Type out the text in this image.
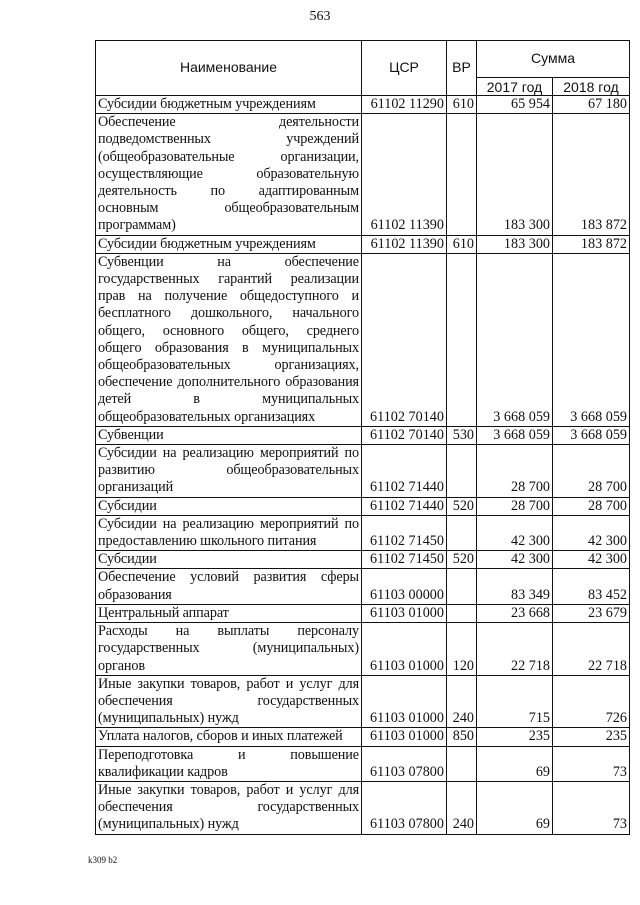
563
Наименование	ЦСР	ВР	Сумма	
			2017 год	2018 год
Субсидии бюджетным учреждениям	61102 11290	610	65 954	67 180
Обеспечение деятельности подведомственных учреждений (общеобразовательные организации, осуществляющие образовательную деятельность по адаптированным основным общеобразовательным программам)	61102 11390		183 300	183 872
Субсидии бюджетным учреждениям	61102 11390	610	183 300	183 872
Субвенции на обеспечение государственных гарантий реализации прав на получение общедоступного и бесплатного дошкольного, начального общего, основного общего, среднего общего образования в муниципальных общеобразовательных организациях, обеспечение дополнительного образования детей в муниципальных общеобразовательных организациях	61102 70140		3 668 059	3 668 059
Субвенции	61102 70140	530	3 668 059	3 668 059
Субсидии на реализацию мероприятий по развитию общеобразовательных организаций	61102 71440		28 700	28 700
Субсидии	61102 71440	520	28 700	28 700
Субсидии на реализацию мероприятий по предоставлению школьного питания	61102 71450		42 300	42 300
Субсидии	61102 71450	520	42 300	42 300
Обеспечение условий развития сферы образования	61103 00000		83 349	83 452
Центральный аппарат	61103 01000		23 668	23 679
Расходы на выплаты персоналу государственных (муниципальных) органов	61103 01000	120	22 718	22 718
Иные закупки товаров, работ и услуг для обеспечения государственных (муниципальных) нужд	61103 01000	240	715	726
Уплата налогов, сборов и иных платежей	61103 01000	850	235	235
Переподготовка и повышение квалификации кадров	61103 07800		69	73
Иные закупки товаров, работ и услуг для обеспечения государственных (муниципальных) нужд	61103 07800	240	69	73
k309 b2
